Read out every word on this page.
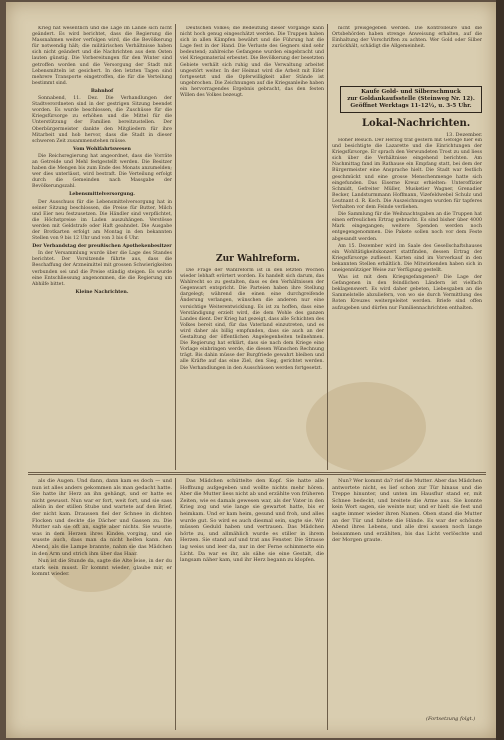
Krieg hat wesentlich und die Lage im Lande sich nicht geändert. Es wird berichtet, dass die Regierung die Massnahmen weiter verfolgen wird, die die Bevölkerung für notwendig hält; die militärischen Verhältnisse haben sich nicht geändert und die Nachrichten aus dem Osten lauten günstig. Die Vorbereitungen für den Winter sind getroffen worden und die Versorgung der Stadt mit Lebensmitteln ist gesichert. In den letzten Tagen sind mehrere Transporte eingetroffen, die für die Verteilung bestimmt sind.

Bahnhof

Sonnabend, 11. Dez. Die Verhandlungen der Stadtverordneten sind in der gestrigen Sitzung beendet worden. Es wurde beschlossen, die Zuschüsse für die Kriegsfürsorge zu erhöhen und die Mittel für die Unterstützung der Familien bereitzustellen. Der Oberbürgermeister dankte den Mitgliedern für ihre Mitarbeit und hob hervor, dass die Stadt in dieser schweren Zeit zusammenstehen müsse.

Vom Wohlfahrtswesen

Die Reichsregierung hat angeordnet, dass die Vorräte an Getreide und Mehl festgestellt werden. Die Besitzer haben die Mengen bis zum Ende des Monats anzumelden; wer dies unterlässt, wird bestraft. Die Verteilung erfolgt durch die Gemeinden nach Massgabe der Bevölkerungszahl.

Lebensmittelversorgung.

Der Ausschuss für die Lebensmittelversorgung hat in seiner Sitzung beschlossen, die Preise für Butter, Milch und Eier neu festzusetzen. Die Händler sind verpflichtet, die Höchstpreise im Laden auszuhängen. Verstösse werden mit Geldstrafe oder Haft geahndet. Die Ausgabe der Brotkarten erfolgt am Montag in den bekannten Stellen von 9 bis 12 Uhr und von 3 bis 6 Uhr.

Der Verbandstag der preußischen Apothekenbesitzer

In der Versammlung wurde über die Lage des Standes berichtet. Der Vorsitzende führte aus, dass die Beschaffung der Arzneimittel mit grossen Schwierigkeiten verbunden sei und die Preise ständig steigen. Es wurde eine Entschliessung angenommen, die die Regierung um Abhilfe bittet.

Kleine Nachrichten.

Deutschen Volkes; die Bedeutung dieser Vorgänge kann nicht hoch genug eingeschätzt werden. Die Truppen haben sich in allen Kämpfen bewährt und die Führung hat die Lage fest in der Hand. Die Verluste des Gegners sind sehr bedeutend; zahlreiche Gefangene wurden eingebracht und viel Kriegsmaterial erbeutet. Die Bevölkerung der besetzten Gebiete verhält sich ruhig und die Verwaltung arbeitet ungestört weiter. In der Heimat wird die Arbeit mit Eifer fortgesetzt und die Opferwilligkeit aller Stände ist ungebrochen. Die Zeichnungen auf die Kriegsanleihe haben ein hervorragendes Ergebnis gebracht, das den festen Willen des Volkes bezeugt.

Zur Wahlreform.

Die Frage der Wahlreform ist in den letzten Wochen wieder lebhaft erörtert worden. Es handelt sich darum, das Wahlrecht so zu gestalten, dass es den Verhältnissen der Gegenwart entspricht. Die Parteien haben ihre Stellung dargelegt; während die einen eine durchgreifende Änderung verlangen, wünschen die anderen nur eine vorsichtige Weiterentwicklung. Es ist zu hoffen, dass eine Verständigung erzielt wird, die dem Wohle des ganzen Landes dient. Der Krieg hat gezeigt, dass alle Schichten des Volkes bereit sind, für das Vaterland einzutreten, und es wird daher als billig empfunden, dass sie auch an der Gestaltung der öffentlichen Angelegenheiten teilnehmen. Die Regierung hat erklärt, dass sie nach dem Kriege eine Vorlage einbringen werde, die diesen Wünschen Rechnung trägt. Bis dahin müsse der Burgfriede gewahrt bleiben und alle Kräfte auf das eine Ziel, den Sieg, gerichtet werden. Die Verhandlungen in den Ausschüssen werden fortgesetzt.

nicht preisgegeben werden. Die Kontrolleure und die Ortsbehörden haben strenge Anweisung erhalten, auf die Einhaltung der Vorschriften zu achten. Wer Gold oder Silber zurückhält, schädigt die Allgemeinheit.

Kaufe Gold- und Silberschmuck
zur Goldankaufsstelle (Steinweg Nr. 12).
Geöffnet Werktags 11-12½, u. 3-5 Uhr.
Lokal-Nachrichten.
13. Dezember.

Hoher Besuch. Der Herzog traf gestern mit Gefolge hier ein und besichtigte die Lazarette und die Einrichtungen der Kriegsfürsorge. Er sprach den Verwundeten Trost zu und liess sich über die Verhältnisse eingehend berichten. Am Nachmittag fand im Rathause ein Empfang statt, bei dem der Bürgermeister eine Ansprache hielt. Die Stadt war festlich geschmückt und eine grosse Menschenmenge hatte sich eingefunden. Das Eiserne Kreuz erhielten: Unteroffizier Schmidt, Gefreiter Müller, Musketier Wagner, Grenadier Becker, Landsturmmann Hoffmann, Vizefeldwebel Schulz und Leutnant d. R. Koch. Die Auszeichnungen wurden für tapferes Verhalten vor dem Feinde verliehen.

Die Sammlung für die Weihnachtsgaben an die Truppen hat einen erfreulichen Ertrag gebracht. Es sind bisher über 4000 Mark eingegangen; weitere Spenden werden noch entgegengenommen. Die Pakete sollen noch vor dem Feste abgesandt werden.

Am 15. Dezember wird im Saale des Gesellschaftshauses ein Wohltätigkeitskonzert stattfinden, dessen Ertrag der Kriegsfürsorge zufliesst. Karten sind im Vorverkauf in den bekannten Stellen erhältlich. Die Mitwirkenden haben sich in uneigennütziger Weise zur Verfügung gestellt.

Was ist mit dem Kriegsgefangenen? Die Lage der Gefangenen in den feindlichen Ländern ist vielfach beklagenswert. Es wird daher gebeten, Liebesgaben an die Sammelstelle abzuliefern, von wo sie durch Vermittlung des Roten Kreuzes weitergeleitet werden. Briefe sind offen aufzugeben und dürfen nur Familiennachrichten enthalten.

als die Augen. Und dann, dann kam es doch — und nun ist alles anders gekommen als man gedacht hatte. Sie hatte ihr Herz an ihn gehängt, und er hatte es nicht gewusst. Nun war er fort, weit fort, und sie sass allein in der stillen Stube und wartete auf den Brief, der nicht kam. Draussen fiel der Schnee in dichten Flocken und deckte die Dächer und Gassen zu. Die Mutter sah sie oft an, sagte aber nichts. Sie wusste, was in dem Herzen ihres Kindes vorging, und sie wusste auch, dass man da nicht helfen kann. Am Abend, als die Lampe brannte, nahm sie das Mädchen in den Arm und strich ihm über das Haar.

Nun ist die Stunde da, sagte die Alte leise, in der du stark sein musst. Er kommt wieder, glaube mir, er kommt wieder.

Das Mädchen schüttelte den Kopf. Sie hatte alle Hoffnung aufgegeben und wollte nichts mehr hören. Aber die Mutter liess nicht ab und erzählte von früheren Zeiten, wie es damals gewesen war, als der Vater in den Krieg zog und wie lange sie gewartet hatte, bis er heimkam. Und er kam heim, gesund und froh, und alles wurde gut. So wird es auch diesmal sein, sagte sie. Wir müssen Geduld haben und vertrauen. Das Mädchen hörte zu, und allmählich wurde es stiller in ihrem Herzen. Sie stand auf und trat ans Fenster. Die Strasse lag weiss und leer da, nur in der Ferne schimmerte ein Licht. Da war es ihr, als sähe sie eine Gestalt, die langsam näher kam, und ihr Herz begann zu klopfen.

Nun? Wer kommt da? rief die Mutter. Aber das Mädchen antwortete nicht, es lief schon zur Tür hinaus und die Treppe hinunter, und unten im Hausflur stand er, mit Schnee bedeckt, und breitete die Arme aus. Sie konnte kein Wort sagen, sie weinte nur, und er hielt sie fest und sagte immer wieder ihren Namen. Oben stand die Mutter an der Tür und faltete die Hände. Es war der schönste Abend ihres Lebens, und alle drei sassen noch lange beisammen und erzählten, bis das Licht verlöschte und der Morgen graute.

(Fortsetzung folgt.)
